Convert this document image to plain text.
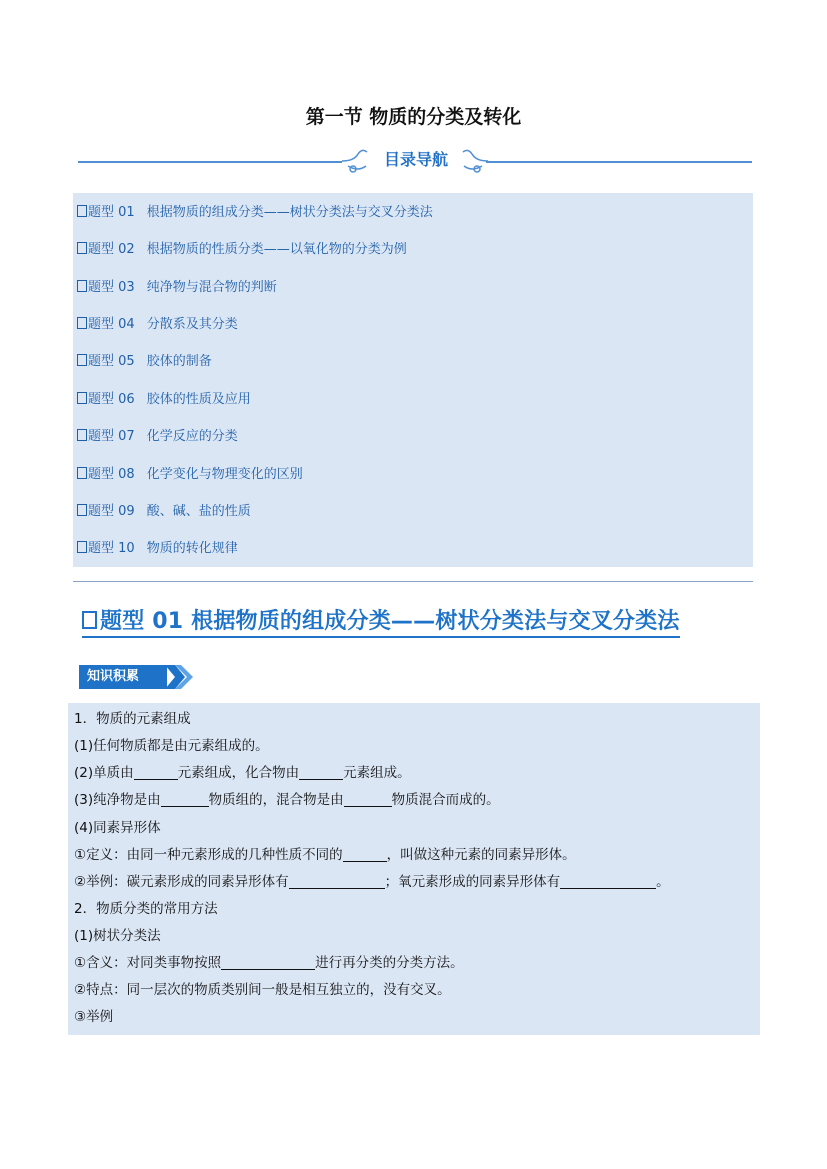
第一节 物质的分类及转化
目录导航
题型 01 根据物质的组成分类——树状分类法与交叉分类法
题型 02 根据物质的性质分类——以氧化物的分类为例
题型 03 纯净物与混合物的判断
题型 04 分散系及其分类
题型 05 胶体的制备
题型 06 胶体的性质及应用
题型 07 化学反应的分类
题型 08 化学变化与物理变化的区别
题型 09 酸、碱、盐的性质
题型 10 物质的转化规律
题型 01 根据物质的组成分类——树状分类法与交叉分类法
知识积累
1．物质的元素组成
(1)任何物质都是由元素组成的。
(2)单质由	元素组成，化合物由	元素组成。
(3)纯净物是由	物质组的，混合物是由	物质混合而成的。
(4)同素异形体
①定义：由同一种元素形成的几种性质不同的	，叫做这种元素的同素异形体。
②举例：碳元素形成的同素异形体有	；氧元素形成的同素异形体有	。
2．物质分类的常用方法
(1)树状分类法
①含义：对同类事物按照	进行再分类的分类方法。
②特点：同一层次的物质类别间一般是相互独立的，没有交叉。
③举例
